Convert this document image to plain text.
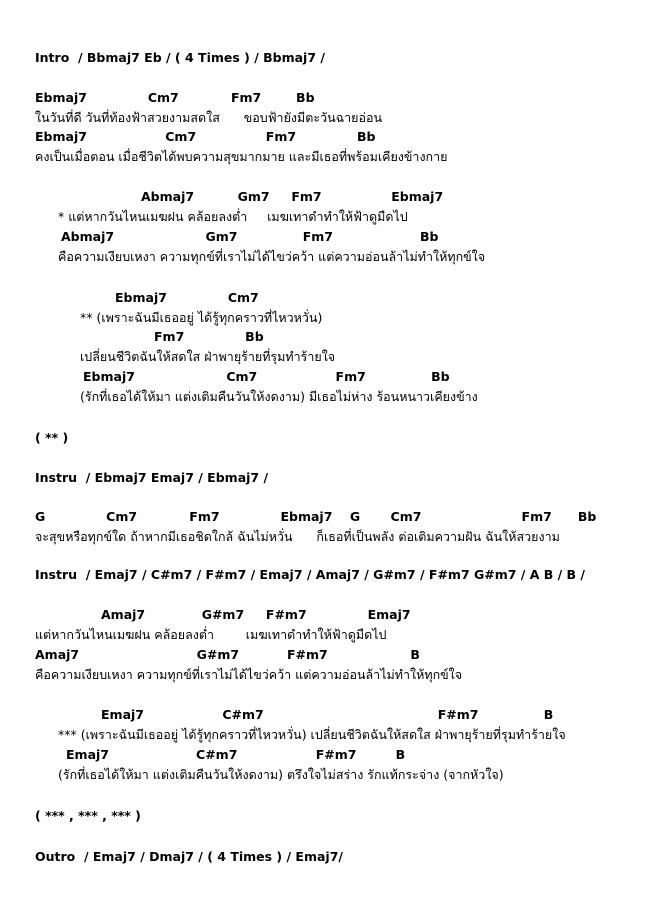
Intro  / Bbmaj7 Eb / ( 4 Times ) / Bbmaj7 /
Ebmaj7              Cm7            Fm7        Bb
ในวันที่ดี วันที่ท้องฟ้าสวยงามสดใส      ขอบฟ้ายังมีตะวันฉายอ่อน
Ebmaj7                  Cm7                Fm7              Bb
คงเป็นเมื่อตอน เมื่อชีวิตได้พบความสุขมากมาย และมีเธอที่พร้อมเคียงข้างกาย
Abmaj7          Gm7     Fm7                Ebmaj7
* แต่หากวันไหนเมฆฝน คล้อยลงต่ำ     เมฆเทาดำทำให้ฟ้าดูมืดไป
Abmaj7                     Gm7               Fm7                    Bb
คือความเงียบเหงา ความทุกข์ที่เราไม่ได้ไขว่คว้า แต่ความอ่อนล้าไม่ทำให้ทุกข์ใจ
Ebmaj7              Cm7
** (เพราะฉันมีเธออยู่ ได้รู้ทุกคราวที่ไหวหวั่น)
Fm7              Bb
เปลี่ยนชีวิตฉันให้สดใส ฝ่าพายุร้ายที่รุมทำร้ายใจ
Ebmaj7                     Cm7                  Fm7               Bb
(รักที่เธอได้ให้มา แต่งเติมคืนวันให้งดงาม) มีเธอไม่ห่าง ร้อนหนาวเคียงข้าง
( ** )
Instru  / Ebmaj7 Emaj7 / Ebmaj7 /
G              Cm7            Fm7              Ebmaj7    G       Cm7                       Fm7      Bb
จะสุขหรือทุกข์ใด ถ้าหากมีเธอชิดใกล้ ฉันไม่หวั่น      ก็เธอที่เป็นพลัง ต่อเติมความฝัน ฉันให้สวยงาม
Instru  / Emaj7 / C#m7 / F#m7 / Emaj7 / Amaj7 / G#m7 / F#m7 G#m7 / A B / B /
Amaj7             G#m7     F#m7              Emaj7
แต่หากวันไหนเมฆฝน คล้อยลงต่ำ        เมฆเทาดำทำให้ฟ้าดูมืดไป
Amaj7                           G#m7           F#m7                   B
คือความเงียบเหงา ความทุกข์ที่เราไม่ได้ไขว่คว้า แต่ความอ่อนล้าไม่ทำให้ทุกข์ใจ
Emaj7                  C#m7                                        F#m7               B
*** (เพราะฉันมีเธออยู่ ได้รู้ทุกคราวที่ไหวหวั่น) เปลี่ยนชีวิตฉันให้สดใส ฝ่าพายุร้ายที่รุมทำร้ายใจ
Emaj7                    C#m7                  F#m7         B
(รักที่เธอได้ให้มา แต่งเติมคืนวันให้งดงาม) ตรึงใจไม่สร่าง รักแท้กระจ่าง (จากหัวใจ)
( *** , *** , *** )
Outro  / Emaj7 / Dmaj7 / ( 4 Times ) / Emaj7/
